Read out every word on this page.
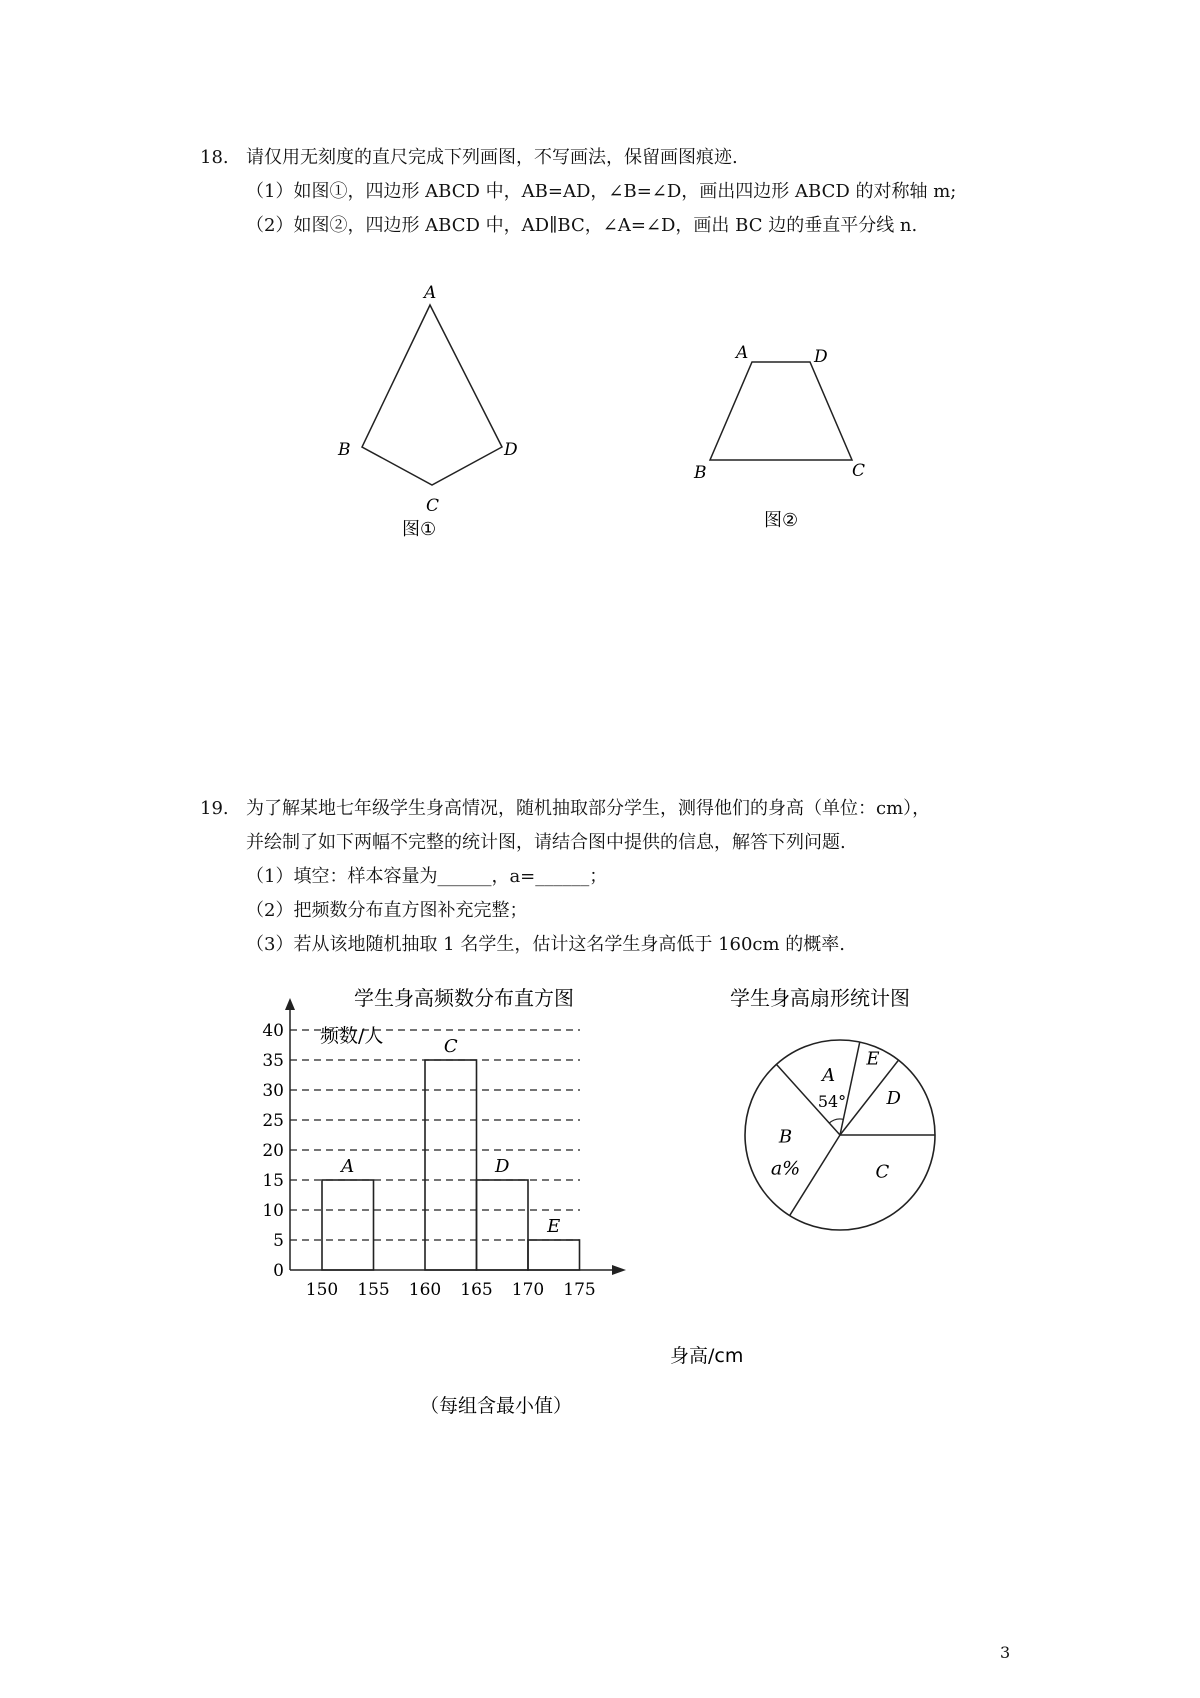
18. 请仅用无刻度的直尺完成下列画图，不写画法，保留画图痕迹.
（1）如图①，四边形 ABCD 中，AB=AD，∠B=∠D，画出四边形 ABCD 的对称轴 m;
（2）如图②，四边形 ABCD 中，AD∥BC，∠A=∠D，画出 BC 边的垂直平分线 n.
A
B
C
D
图①
A	D
B	C
图②
19. 为了解某地七年级学生身高情况，随机抽取部分学生，测得他们的身高（单位：cm），
并绘制了如下两幅不完整的统计图，请结合图中提供的信息，解答下列问题.
（1）填空：样本容量为______，a=______；
（2）把频数分布直方图补充完整；
（3）若从该地随机抽取 1 名学生，估计这名学生身高低于 160cm 的概率.
学生身高频数分布直方图
频数/人
身高/cm
（每组含最小值）
0
5
10
15
20
25
30
35
40
150 155 160 165 170 175
A
C
D
E
学生身高扇形统计图
A
54°
B
a%	C
D
E
3
